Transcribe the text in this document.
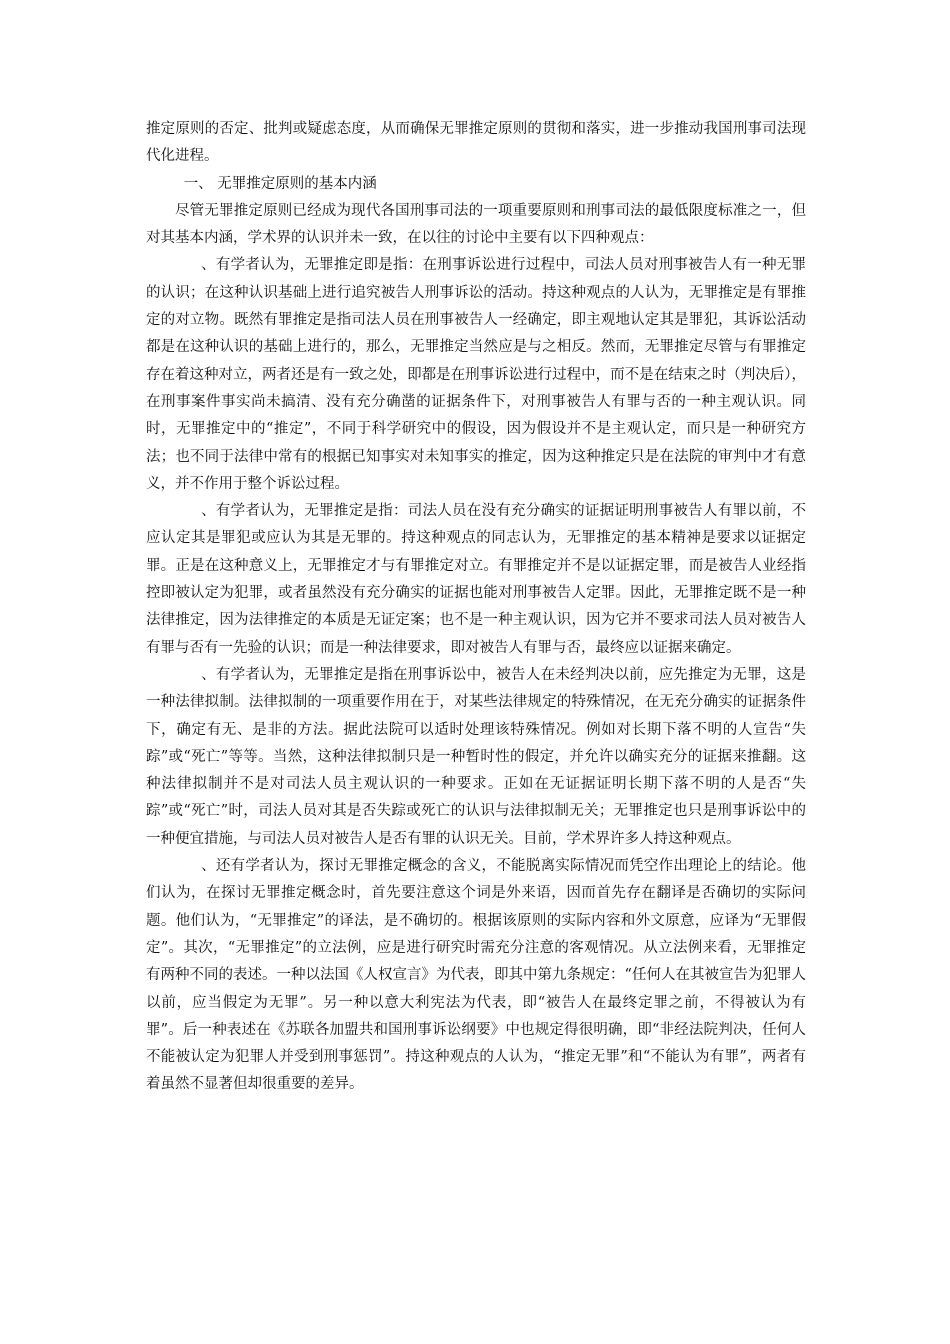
推定原则的否定、批判或疑虑态度，从而确保无罪推定原则的贯彻和落实，进一步推动我国刑事司法现代化进程。

一、 无罪推定原则的基本内涵

尽管无罪推定原则已经成为现代各国刑事司法的一项重要原则和刑事司法的最低限度标准之一，但对其基本内涵，学术界的认识并未一致，在以往的讨论中主要有以下四种观点：

、有学者认为，无罪推定即是指：在刑事诉讼进行过程中，司法人员对刑事被告人有一种无罪的认识；在这种认识基础上进行追究被告人刑事诉讼的活动。持这种观点的人认为，无罪推定是有罪推定的对立物。既然有罪推定是指司法人员在刑事被告人一经确定，即主观地认定其是罪犯，其诉讼活动都是在这种认识的基础上进行的，那么，无罪推定当然应是与之相反。然而，无罪推定尽管与有罪推定存在着这种对立，两者还是有一致之处，即都是在刑事诉讼进行过程中，而不是在结束之时（判决后），在刑事案件事实尚未搞清、没有充分确凿的证据条件下，对刑事被告人有罪与否的一种主观认识。同时，无罪推定中的“推定”，不同于科学研究中的假设，因为假设并不是主观认定，而只是一种研究方法；也不同于法律中常有的根据已知事实对未知事实的推定，因为这种推定只是在法院的审判中才有意义，并不作用于整个诉讼过程。

、有学者认为，无罪推定是指：司法人员在没有充分确实的证据证明刑事被告人有罪以前，不应认定其是罪犯或应认为其是无罪的。持这种观点的同志认为，无罪推定的基本精神是要求以证据定罪。正是在这种意义上，无罪推定才与有罪推定对立。有罪推定并不是以证据定罪，而是被告人业经指控即被认定为犯罪，或者虽然没有充分确实的证据也能对刑事被告人定罪。因此，无罪推定既不是一种法律推定，因为法律推定的本质是无证定案；也不是一种主观认识，因为它并不要求司法人员对被告人有罪与否有一先验的认识；而是一种法律要求，即对被告人有罪与否，最终应以证据来确定。

、有学者认为，无罪推定是指在刑事诉讼中，被告人在未经判决以前，应先推定为无罪，这是一种法律拟制。法律拟制的一项重要作用在于，对某些法律规定的特殊情况，在无充分确实的证据条件下，确定有无、是非的方法。据此法院可以适时处理该特殊情况。例如对长期下落不明的人宣告“失踪”或“死亡”等等。当然，这种法律拟制只是一种暂时性的假定，并允许以确实充分的证据来推翻。这种法律拟制并不是对司法人员主观认识的一种要求。正如在无证据证明长期下落不明的人是否“失踪”或“死亡”时，司法人员对其是否失踪或死亡的认识与法律拟制无关；无罪推定也只是刑事诉讼中的一种便宜措施，与司法人员对被告人是否有罪的认识无关。目前，学术界许多人持这种观点。

、还有学者认为，探讨无罪推定概念的含义，不能脱离实际情况而凭空作出理论上的结论。他们认为，在探讨无罪推定概念时，首先要注意这个词是外来语，因而首先存在翻译是否确切的实际问题。他们认为，“无罪推定”的译法，是不确切的。根据该原则的实际内容和外文原意，应译为“无罪假定”。其次，“无罪推定”的立法例，应是进行研究时需充分注意的客观情况。从立法例来看，无罪推定有两种不同的表述。一种以法国《人权宣言》为代表，即其中第九条规定：“任何人在其被宣告为犯罪人以前，应当假定为无罪”。另一种以意大利宪法为代表，即“被告人在最终定罪之前，不得被认为有罪”。后一种表述在《苏联各加盟共和国刑事诉讼纲要》中也规定得很明确，即“非经法院判决，任何人不能被认定为犯罪人并受到刑事惩罚”。持这种观点的人认为，“推定无罪”和“不能认为有罪”，两者有着虽然不显著但却很重要的差异。
